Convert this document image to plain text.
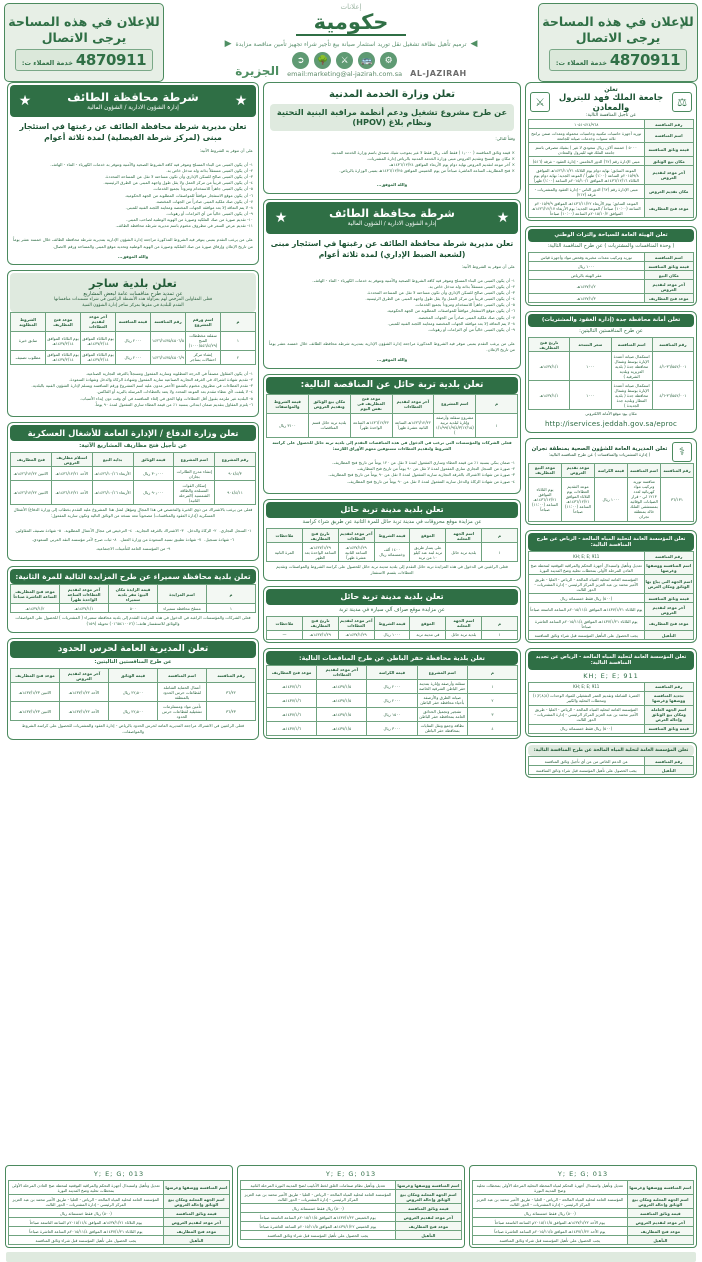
للإعلان في هذه المساحة
يرجى الاتصال
4870911
خدمة العملاء ت:
إعلانات
حكومية
◀
ترميم تأهيل نظافة تشغيل نقل توريد استثمار صيانة بيع تأجير شراء تجهيز تأمين مناقصة مزايدة
▶
AL-JAZIRAH
⚙
🚌
⚔
🌳
➲
email:marketing@al-jazirah.com.sa
الجزيرة
للإعلان في هذه المساحة
يرجى الاتصال
4870911
خدمة العملاء ت:
⚖
تعلن
جامعة الملك فهد للبترول والمعادن
عن تأجيل المنافسة التالية:
⚔
رقم المنافسة	٤٢٤/٩٦٨-١٠٥١
اسم المنافسة	توريد أجهزة حاسبات مكتبية وحاسبات محمولة ومعدات ضمن برامج ثلاثة سنوات وخدمات صيانة للجامعة
قيمة وثائق المنافسة	٥٠٠٠ ( خمسة آلاف ريال سعودي لا غير ) بشيك مصرفي باسم جامعة الملك فهد للبترول والمعادن
مكان بيع الوثائق	مبنى الإدارة رقم (٦٢) الدور الخامس - إدارة العقود - غرفة (٥١٦)
آخر موعد لتقديم العروض	الموعد السابق: نهاية دوام يوم الثلاثاء ١٤٣٦/١١/٢١هـ الموافق ٢٠١٥/٩/٨م الساعة (١:٠٠) ظهراً / الموعد الجديد: نهاية دوام يوم الثلاثاء ١٤٣٦/١٢/١٦هـ الموافق ٢٠١٥/١٠/١م الساعة (١:٠٠) ظهراً
مكان تقديم العروض	مبنى الإدارة رقم (٦٢) الدور الثاني - إدارة العقود والمشتريات - غرفة (٢١٢)
موعد فتح المظاريف	الموعد السابق: يوم الأربعاء ١٤٣٦/١١/٢٢هـ الموافق ٢٠١٥/٩/٩م الساعة (١٠:٠٠) صباحاً / الموعد الجديد: يوم الأربعاء ١٤٣٦/١٢/١٧هـ الموافق ٢٠١٥/١٠/٢م الساعة (١٠:٠٠) صباحاً
تعلن الهيئة العامة للسياحة والتراث الوطني
( وحدة المنافسات والمشتريات ) عن طرح المنافسة التالية:
اسم المنافسة	توريد وتركيب معدات مخبرية وفحص مواد وأجهزة قياس
قيمة وثائق المنافسة	١٠٠٠ ريال
مكان البيع	مقر الهيئة بالرياض
آخر موعد لتقديم العروض	١٤٣٧/١/٢هـ
موعد فتح المظاريف	١٤٣٧/١/٣هـ
تعلن أمانة محافظة جدة (إدارة العقود والمشتريات)
عن طرح المنافستين التاليتين:
رقم المنافسة	اسم المنافسة	سعر النسخة	تاريخ فتح المظاريف
٣٦/٥٥٢/٠٠١-٤/١	استكمال صيانة أعمدة الإنارة بوسط وشمال محافظة جدة ( بلدية العزيزية وبلدية الشرفية )	١٠٠٠	١٤٣٧/١/١هـ
٣٦/٥٥٢/٠٠١-٤/٦	استكمال صيانة أعمدة الإنارة بوسط وشمال محافظة جدة ( بلدية المطار وبلدية جدة الجديدة )	١٠٠٠	١٤٣٧/١/١هـ
مكان بيع: موقع الأمانة الالكتروني
http://iservices.jeddah.gov.sa/eproc
⚕
تعلن المديرية العامة للشؤون الصحية بمنطقة نجران
( إدارة المشتريات والمنافسات ) عن طرح المنافسة التالية:
رقم المنافسة	اسم المنافسة	قيمة الكراسة	موعد تقديم العروض	موعد البيع المظاريف
٣٦/١٣١	منافسة توريد وتركيب مواد كهربائية لعدد ١٢١٣ لي - قرار الصيانات الوقائية بمستشفى الملك خالد بمنطقة نجران	١٠٠٠ ريال	موعد التقديم العطاءات يوم الثلاثاء الموافق ١٤٣٦/١٢/٢١هـ الساعة (١١:٠٠) صباحاً	يوم الثلاثاء الموافق ١٤٣٦/١٢/٢١هـ الساعة (١١:٠٠) صباحاً
تعلن المؤسسة العامة لتحلية المياه المالحة - الرياض عن طرح المنافسة التالية:
رقم المنافسة	KH; E; E; 911
اسم المنافسة ووصفها وغرضها	تعديل وتأهيل واستبدال أجهزة التحكم والمراقبة التوقعية لمحطة ضخ العادن المرحلة الأولى بمحطات تحلية وضخ المدينة النورة
اسم الجهة التي يباع بها الوثائق ومكان العرض	المؤسسة العامة لتحلية المياه المالحة - الرياض - العليا - طريق الأمير محمد بن عبد العزيز المركز الرئيسي - إدارة المشتريات - الدور الثالث
قيمة وثائق المنافسة	(٥٠٠) ريال فقط خمسمائة ريال
آخر موعد لتقديم العروض	يوم الثلاثاء ١٤٣٧/١/٢١هـ الموافق ٢٠١٥/١١/٤م الساعة التاسعة صباحاً
موعد فتح المظاريف	يوم الثلاثاء ١٤٣٧/١/٢١هـ الموافق ٢٠١٥/١١/٤م الساعة العاشرة صباحاً
التأهيل	يجب الحصول على التأهيل المؤسسة قبل شراء وثائق المنافسة
تعلن المؤسسة العامة لتحلية المياه المالحة - الرياض عن تجديد المنافسة التالية:
KH; E; E; 911
رقم المنافسة	KH; E; E; 911
تجديد المنافسة ووصفها وغرضها	العمرة الشاملة وتقديم العمر التشغيلي للمواد الوحدات (٨;٨;٢;١) ومحطات التحلية والكبير
اسم الجهة العاملة ومكان بيع الوثائق وإحالة العرض	المؤسسة العامة لتحلية المياه المالحة - الرياض - العليا - طريق الأمير محمد بن عبد العزيز المركز الرئيسي - إدارة المشتريات - الدور الثالث
قيمة وثائق المنافسة	(٥٠٠) ريال فقط خمسمائة ريال
تعلن المؤسسة العامة لتحلية المياه المالحة عن طرح المنافسة التالية:
رقم المنافسة	عن الدعم الخاص من عن أي تأجيل وثائق المنافسة
التأهيل	يجب الحصول على تأهيل المؤسسة قبل شراء وثائق المنافسة
تعلن وزارة الخدمة المدنية
عن طرح مشروع تشغيل ودعم أنظمة مراقبة البنية التحتية ونظام بلاغ (HPOV)
وفقاً للتالي:
× قيمة وثائق المنافسة ( ١٫٠٠٠ ) فقط ألف ريال فقط لا غير بموجب شيك مصدق باسم وزارة الخدمة المدنية.
× مكان بيع النسخ وتقديم العروض مبنى وزارة الخدمة المدنية بالرياض إدارة المشتريات.
× آخر موعد لتقديم العروض نهاية دوام يوم الأربعاء الموافق ١٤٣٦/١٢/٢٤هـ.
× فتح المظاريف الساعة العاشرة صباحاً من يوم الخميس الموافق ١٤٣٦/١٢/٢٥هـ بمبنى الوزارة بالرياض.
والله الموفق...
★
شرطة محافظة الطائف
إدارة الشؤون الادارية / الشؤون المالية
★
تعلن مديرية شرطة محافظة الطائف عن رغبتها في استئجار مبنى (لشعبة الضبط الإداري) لمدة ثلاثة أعوام
على أن تتوفر به الشروط الآتية:
١- أن يكون المبنى من البناء المسلح وتتوفر فيه كافة الشروط الصحية والأمنية وتتوفر به خدمات الكهرباء - الماء - الهاتف.
٢- أن يكون المبنى مستقلاً بذاته وله مدخل خاص به.
٣- أن يكون المبنى صالح للسكن الإداري وأن تكون مساحته لا تقل عن المساحة المحددة.
٤- أن يكون المبنى قريباً من مركز العمل ولا يقل طول واجهة المبنى عن الطرق الرئيسية.
٥- أن يكون المبنى جاهزاً للاستخدام ومزوداً بجميع الخدمات.
٦- أن يكون موقع الاستئجار موافقاً للمواصفات المطلوبة من الجهة الحكومية.
٧- أن يكون صك ملكية المبنى صادراً من الجهات المختصة.
٨- لا يتم التعاقد إلا بعد موافقة الجهات المختصة ومعاينة اللجنة الفنية للمبنى.
٩- أن يكون المبنى خالياً من أي التزامات أو رهونات.
على من يرغب التقدم بمبنى تتوفر فيه الشروط المذكورة مراجعة إدارة الشؤون الإدارية بمديرية شرطة محافظة الطائف خلال خمسة عشر يوماً من تاريخ الإعلان.
والله الموفق...
تعلن بلدية تربة حائل عن المناقصة التالية:
م	اسم المشروع	آخر موعد لتقديم العطاءات	موعد فتح المظاريف في نفس اليوم	مكان بيع الوثائق وتقديم العروض	قيمة الشروط والمواصفات
١	مشروع سفلتة وأرصفة وإنارة لبلدية تربية (١/١/٩٩/١/٩/٤/٣/١٢/١٥)	١٤٣٦/١٢/٢٢هـ الساعة الثانية عشرة ظهراً	١٤٣٦/١٢/٢٢هـ الساعة الواحدة ظهراً	بلدية تربة حائل قسم المناقصات	٣١٠٠ ريال
فعلى الشركات والمؤسسات التي ترغب في الدخول في هذه المناقصات التقدم إلى بلدية تربة حائل للحصول على كراسة الشروط ولتقديم العطاءات مستوفين معهم الأوراق اللازمة:
١- ضمان بنكي بنسبة ١٪ من قيمة العطاء وساري المفعول لمدة لا تقل عن ١٢٠ يوماً من تاريخ فتح المظاريف.
٢- صورة من السجل التجاري ساري المفعول لمدة لا تقل عن ٩٠ يوماً من تاريخ فتح المظاريف.
٣- صورة من شهادة الاشتراك بالغرفة التجارية سارية المفعول لمدة لا تقل عن ٩٠ يوماً من تاريخ فتح المظاريف.
٤- صورة من شهادة الزكاة والدخل سارية المفعول لمدة لا تقل عن ٩٠ يوماً من تاريخ فتح المظاريف.
تعلن بلدية مدينة تربة حائل
عن مزايدة موقع محروقات في مدينة تربة حائل للمرة الثانية عن طريق شراء كراسة
م	اسم الجهة المعلنة	الموقع	قيمة الشروط	آخر موعد لتقديم العطاءات	تاريخ فتح المظاريف	ملاحظات
١	بلدية تربة حائل	على يسار طريق تربة لبنة عند كيلو ١٠ من تربة	١٤٠٠ ألف وخمسمائة ريال	١٤٣٧/١/٢٩هـ الساعة الثانية عشرة ظهراً	١٤٣٧/١/٢٩هـ الساعة الواحدة بعد الظهر	المرة الثانية
فعلى الراغبين في الدخول في هذه المزايدة تربة حائل التقدم إلى بلدية مدينة تربة حائل للحصول على كراسة الشروط والمواصفات وتقديم العطاءات بقسم الاستثمار
تعلن بلدية مدينة تربة حائل
عن مزايدة موقع صراف آلي سيارة في مدينة تربة
م	اسم الجهة المعلنة	الموقع	قيمة الشروط	آخر موعد لتقديم العطاءات	تاريخ فتح المظاريف	ملاحظات
١	بلدية تربة حائل	في مدينة تربة	١٠٠٠ ريال	١٤٣٧/١/٢٩هـ	١٤٣٧/١/٢٩هـ	—
تعلن بلدية محافظة حفر الباطن عن طرح المناقصات التالية:
م	اسم المشروع	قيمة الكراسة	آخر موعد لتقديم العطاءات	موعد فتح المظاريف
١	سفلتة وأرصفة وإنارة بمدينة حفر الباطن الشرقية الخاصة	٢٠٠٠ ريال	١٤٣٧/١/٥هـ	١٤٣٧/١/٦هـ
٢	صيانة الطرق والأرصفة بأحياء محافظة حفر الباطن	٢٠٠٠ ريال	١٤٣٧/١/٥هـ	١٤٣٧/١/٦هـ
٣	تشجير وتجميل الحدائق العامة بمحافظة حفر الباطن	١٥٠٠ ريال	١٤٣٧/١/٥هـ	١٤٣٧/١/٦هـ
٤	نظافة وجمع ونقل النفايات بمحافظة حفر الباطن	٣٠٠٠ ريال	١٤٣٧/١/٥هـ	١٤٣٧/١/٦هـ
★
شرطة محافظة الطائف
إدارة الشؤون الادارية / الشؤون المالية
★
تعلن مديرية شرطة محافظة الطائف عن رغبتها في استئجار مبنى (لمركز شرطة الفيصلية) لمدة ثلاثة أعوام
على أن تتوفر به الشروط الآتية:
١- أن يكون المبنى من البناء المسلح وتتوفر فيه كافة الشروط الصحية والأمنية وتتوفر به خدمات الكهرباء - الماء - الهاتف.
٢- أن يكون المبنى مستقلاً بذاته وله مدخل خاص به.
٣- أن يكون المبنى صالح للسكن الإداري وأن تكون مساحته لا تقل عن المساحة المحددة.
٤- أن يكون المبنى قريباً من مركز العمل ولا يقل طول واجهة المبنى عن الطرق الرئيسية.
٥- أن يكون المبنى جاهزاً للاستخدام ومزوداً بجميع الخدمات.
٦- أن يكون موقع الاستئجار موافقاً للمواصفات المطلوبة من الجهة الحكومية.
٧- أن يكون صك ملكية المبنى صادراً من الجهات المختصة.
٨- لا يتم التعاقد إلا بعد موافقة الجهات المختصة ومعاينة اللجنة الفنية للمبنى.
٩- أن يكون المبنى خالياً من أي التزامات أو رهونات.
١٠- تقديم صورة من صك الملكية وصورة من الهوية الوطنية لصاحب المبنى.
١١- تقديم عرض السعر في مظروف مختوم باسم مديرية شرطة محافظة الطائف.
على من يرغب التقدم بمبنى يتوفر فيه الشروط المذكورة مراجعة إدارة الشؤون الإدارية بمديرية شرطة محافظة الطائف خلال خمسة عشر يوماً من تاريخ الإعلان وإرفاق صورة من صك الملكية وصورة من الهوية الوطنية وتحديد موقع المبنى والمساحة ورقم الاتصال.
والله الموفق...
تعلن بلدية ساجر
عن تمديد طرح منافسات عامة لبعض المشاريع
فعلى المقاولين المرخص لهم بمزاولة هذه الأنشطة الراغبين في شراء مستندات منافساتها
التقدم للبلدية في مقرها بمركز ساجر إدارة الشؤون الفنية
م	اسم ورقم المشروع	رقم المنافسة	قيمة المنافسة	آخر موعد لتقديم العطاءات	موعد فتح المظاريف	الشروط المطلوبة
١	سفلتة مخططات المنح (١٠٠٠/٥٥٦/٤/٢٩)	١٤٣٦/١٤٣٥/٤٥٠٦/٥	٢٠٠٠ ريال	يوم الثلاثاء الموافق ١٤٣٧/٢/١٤هـ	يوم الثلاثاء الموافق ١٤٣٧/٢/١٤هـ	سابق خبرة
٢	إنشاء مركز احتفالات بساجر	١٤٣٦/١٤٣٥/٤٥٠٦/٩	٢٠٠٠ ريال	يوم الثلاثاء الموافق ١٤٣٧/٢/١٤هـ	يوم الثلاثاء الموافق ١٤٣٧/٢/١٤هـ	مطلوب تصنيف
١- أن يكون المقاول مصنفاً في الدرجة المطلوبة وسارية المفعول ومسجلاً بالغرفة التجارية الصناعية.
٢- تقديم شهادة اشتراك في الغرفة التجارية الصناعية سارية المفعول وشهادة الزكاة والدخل وشهادة السعودة.
٣- تقدم العطاءات في مظروف مختوم بالشمع الأحمر مدون عليه اسم المشروع ورقم المنافسة ويسلم لإدارة الشؤون الفنية بالبلدية.
٤- لا يلتفت لأي عطاء مقدم بعد الموعد المحدد ولا يعتد بالعطاءات المرسلة بالبريد أو الفاكس.
٥- البلدية غير ملزمة بقبول أقل العطاءات ولها الحق في إلغاء المنافسة في أي وقت دون إبداء الأسباب.
٦- يلتزم المقاول بتقديم ضمان ابتدائي بنسبة ١٪ من قيمة العطاء ساري المفعول لمدة ٩٠ يوماً.
تعلن وزارة الدفاع / الإدارة العامة للأشغال العسكرية
عن تأجيل فتح مظاريف المشاريع الآتية:
رقم المشروع	اسم المشروع	قيمة الوثائق	بداية البيع	استلام مظاريف العروض	فتح المظاريف
٩٠٤/٤/٣	إنشاء مدرج الطائرات بجازان	٣٠٫٠٠٠ ريال	الأربعاء ١٤٣٦/١٠/١٦هـ	الأحد ١٤٣٦/١٢/٢١هـ	الاثنين ١٤٣٦/١٢/٢٢هـ
٩٠٤/٤/١١	إسكان القوات المسلحة والطاقة الشمسية (المرحلة الثانية)	٩٠٫٠٠٠ ريال	الأربعاء ١٤٣٦/١٠/١٦هـ	الأحد ١٤٣٦/١٢/٢١هـ	الاثنين ١٤٣٦/١٢/٢٢هـ
فعلى من يرغب بالاشتراك من ذوي الخبرة والتخصص في هذا المجال ومؤهل لمثل هذا المشروع عليه التقدم بخطاب إلى وزارة الدفاع/ الأشغال العسكرية (إدارة العقود والمنافسات) مصحوباً معه نسخة من الوثائق التالية وتكون سارية المفعول:
١- السجل التجاري.
٢- الزكاة والدخل.
٣- الاشتراك بالغرفة التجارية.
٤- الترخيص في مجال الأعمال المطلوبة.
٥- شهادة تصنيف المقاولين.
٦- شهادة تسجيل.
٧- شهادة تطبيق نسبة السعودة من وزارة العمل.
٨- ثبات صرح لأمر مؤسسة النقد العربي السعودي.
٩- من المؤسسة العامة للتأمينات الاجتماعية.
تعلن بلدية محافظة سميراء عن طرح المزايدة التالية للمرة الثانية:
م	اسم المزايدة	قيمة الزايدة مكان البيع: مقر بلدية سميراء	آخر موعد لتقديم العطاءات الساعة الواحدة ظهراً	موعد فتح المظاريف الساعة العاشرة صباحاً
١	مسلخ محافظة سميراء	٥٠٠	١٤٣٧/١/١هـ	١٤٣٧/١/٢هـ
فعلى الشركات والمؤسسات الراغبة في الدخول في هذه المزايدة التقدم إلى بلدية محافظة سميراء ( المشتريات ) للحصول على المواصفات والوثائق للاستفسار هاتف: (٠١٦٥٤١٠٠٧٦) تحويلة (١٥٩)
تعلن المديرية العامة لحرس الحدود
عن طرح المنافستين التاليتين:
رقم المنافسة	اسم المنافسة	قيمة الوثائق	آخر موعد لتقديم العروض	موعد فتح المظاريف
٣٦/٢٢	أعمال الحماية الشاملة لقطاعات حرس الحدود بالمنطقة	٢٢٫٥٠٠ ريال	الأحد ١٤٣٧/١/٢٢هـ	الاثنين ١٤٣٧/١/٢٣هـ
٣٦/٢٣	تأمين مواد ومستلزمات تشغيلية لقطاعات حرس الحدود	٢٢٫٥٠٠ ريال	الأحد ١٤٣٧/١/٢٢هـ	الاثنين ١٤٣٧/١/٢٣هـ
فعلى الراغبين في الاشتراك مراجعة المديرية العامة لحرس الحدود بالرياض - إدارة العقود والمشتريات للحصول على كراسة الشروط والمواصفات.
Y; E; G; 013
اسم المنافسة ووصفها وغرضها	تعديل وتأهيل واستبدال أجهزة التحكم لمياه المحطة التحلية المرحلة الأولى بمحطات تحلية وضخ المدينة النورة
اسم الجهة المعلنة ومكان بيع الوثائق وإحالة العروض	المؤسسة العامة لتحلية المياه المالحة - الرياض - العليا - طريق الأمير محمد بن عبد العزيز المركز الرئيسي - إدارة المشتريات - الدور الثالث
قيمة وثائق المنافسة	(٥٠٠) ريال فقط خمسمائة ريال
آخر موعد لتقديم العروض	يوم الأحد ١٤٣٧/١/٢٢هـ الموافق ٢٠١٥/١١/٥م الساعة التاسعة صباحاً
موعد فتح المظاريف	يوم الأحد ١٤٣٧/١/٢٢هـ الموافق ٢٠١٥/١١/٥م الساعة العاشرة صباحاً
التأهيل	يجب الحصول على تأهيل المؤسسة قبل شراء وثائق المنافسة
Y; E; G; 013
اسم المنافسة ووصفها وغرضها	تعديل وتأهيل نظام صمامات الغلق لخط الأنابيب لضخ المدينة النورة المرحلة الثانية
اسم الجهة المعلنة ومكان بيع الوثائق وإحالة العروض	المؤسسة العامة لتحلية المياه المالحة - الرياض - العليا - طريق الأمير محمد بن عبد العزيز المركز الرئيسي - إدارة المشتريات - الدور الثالث
قيمة وثائق المنافسة	(٥٠٠) ريال فقط خمسمائة ريال
آخر موعد لتقديم العروض	يوم الخميس ١٤٣٧/١/٢٢هـ الموافق ٢٠١٥/١١/٥م الساعة التاسعة صباحاً
موعد فتح المظاريف	يوم الخميس ١٤٣٧/١/٢٢هـ الموافق ٢٠١٥/١١/٥م الساعة العاشرة صباحاً
التأهيل	يجب الحصول على تأهيل المؤسسة قبل شراء وثائق المنافسة
Y; E; G; 013
اسم المنافسة ووصفها وغرضها	تعديل وتأهيل واستبدال أجهزة التحكم والمراقبة التوقعية لمحطة ضخ العادن المرحلة الأولى بمحطات تحلية وضخ المدينة النورة
اسم الجهة المعلنة ومكان بيع الوثائق وإحالة العروض	المؤسسة العامة لتحلية المياه المالحة - الرياض - العليا - طريق الأمير محمد بن عبد العزيز المركز الرئيسي - إدارة المشتريات - الدور الثالث
قيمة وثائق المنافسة	(٥٠٠) ريال فقط خمسمائة ريال
آخر موعد لتقديم العروض	يوم الثلاثاء ١٤٣٧/١/٢١هـ الموافق ٢٠١٥/١١/٤م الساعة التاسعة صباحاً
موعد فتح المظاريف	يوم الثلاثاء ١٤٣٧/١/٢١هـ الموافق ٢٠١٥/١١/٤م الساعة العاشرة صباحاً
التأهيل	يجب الحصول على تأهيل المؤسسة قبل شراء وثائق المنافسة
